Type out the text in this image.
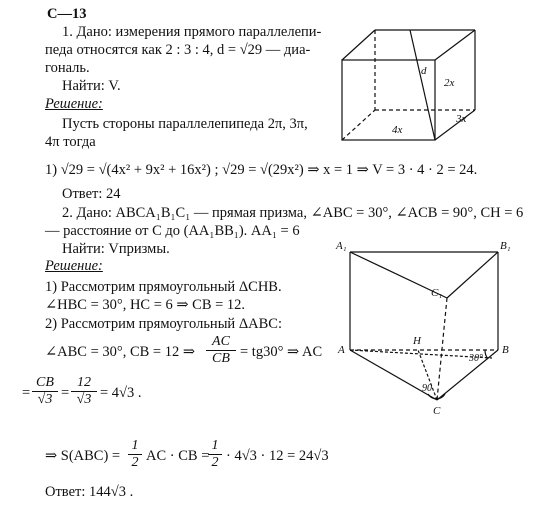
С—13
1. Дано: измерения прямого параллелепи-
педа относятся как 2 : 3 : 4, d = √29 — диа-
гональ.
Найти: V.
Решение:
Пусть стороны параллелепипеда 2π, 3π,
4π тогда
1) √29 = √(4x² + 9x² + 16x²) ; √29 = √(29x²) ⇒ x = 1 ⇒ V = 3 · 4 · 2 = 24.
Ответ: 24
2. Дано: ABCA₁B₁C₁ — прямая призма, ∠ABC = 30°, ∠ACB = 90°, CH = 6
— расстояние от C до (AA₁BB₁). AA₁ = 6
Найти: Vпризмы.
Решение:
1) Рассмотрим прямоугольный ΔCHB.
∠HBC = 30°, HC = 6 ⇒ CB = 12.
2) Рассмотрим прямоугольный ΔABC:
∠ABC = 30°, CB = 12 ⇒ $\frac{AC}{CB} = tg30^\circ$ ⇒ AC
= $\frac{CB}{√3} = \frac{12}{√3} = 4√3$ .
⇒ $S(ABC) = \frac{1}{2}$ AC · CB =
$\frac{1}{2} \cdot 4√3 \cdot 12 = 24√3$
Ответ: 144√3 .
d
2x
3x
4x
A₁	B₁
C₁
A	B
C
H
30°
90
